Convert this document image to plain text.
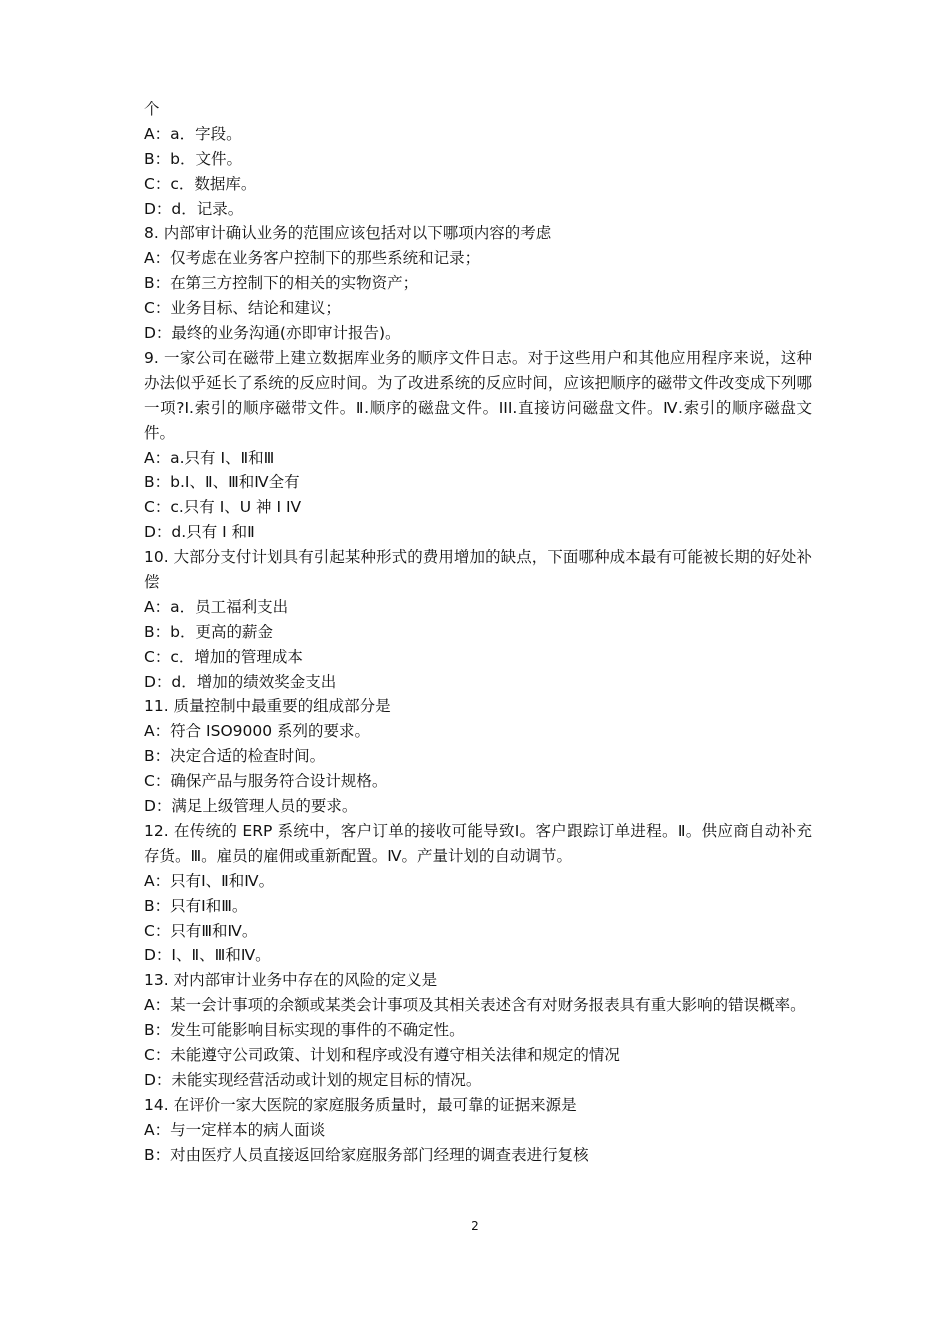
个
A：a．字段。
B：b．文件。
C：c．数据库。
D：d．记录。
8. 内部审计确认业务的范围应该包括对以下哪项内容的考虑
A：仅考虑在业务客户控制下的那些系统和记录；
B：在第三方控制下的相关的实物资产；
C：业务目标、结论和建议；
D：最终的业务沟通(亦即审计报告)。
9. 一家公司在磁带上建立数据库业务的顺序文件日志。对于这些用户和其他应用程序来说，这种办法似乎延长了系统的反应时间。为了改进系统的反应时间，应该把顺序的磁带文件改变成下列哪一项?I.索引的顺序磁带文件。Ⅱ.顺序的磁盘文件。III.直接访问磁盘文件。Ⅳ.索引的顺序磁盘文件。
A：a.只有 I、Ⅱ和Ⅲ
B：b.I、Ⅱ、Ⅲ和Ⅳ全有
C：c.只有 I、U 神 I IV
D：d.只有 I 和Ⅱ
10. 大部分支付计划具有引起某种形式的费用增加的缺点，下面哪种成本最有可能被长期的好处补偿
A：a．员工福利支出
B：b．更高的薪金
C：c．增加的管理成本
D：d．增加的绩效奖金支出
11. 质量控制中最重要的组成部分是
A：符合 ISO9000 系列的要求。
B：决定合适的检查时间。
C：确保产品与服务符合设计规格。
D：满足上级管理人员的要求。
12. 在传统的 ERP 系统中，客户订单的接收可能导致Ⅰ。客户跟踪订单进程。Ⅱ。供应商自动补充存货。Ⅲ。雇员的雇佣或重新配置。Ⅳ。产量计划的自动调节。
A：只有Ⅰ、Ⅱ和Ⅳ。
B：只有Ⅰ和Ⅲ。
C：只有Ⅲ和Ⅳ。
D：Ⅰ、Ⅱ、Ⅲ和Ⅳ。
13. 对内部审计业务中存在的风险的定义是
A：某一会计事项的余额或某类会计事项及其相关表述含有对财务报表具有重大影响的错误概率。
B：发生可能影响目标实现的事件的不确定性。
C：未能遵守公司政策、计划和程序或没有遵守相关法律和规定的情况
D：未能实现经营活动或计划的规定目标的情况。
14. 在评价一家大医院的家庭服务质量时，最可靠的证据来源是
A：与一定样本的病人面谈
B：对由医疗人员直接返回给家庭服务部门经理的调查表进行复核
2
